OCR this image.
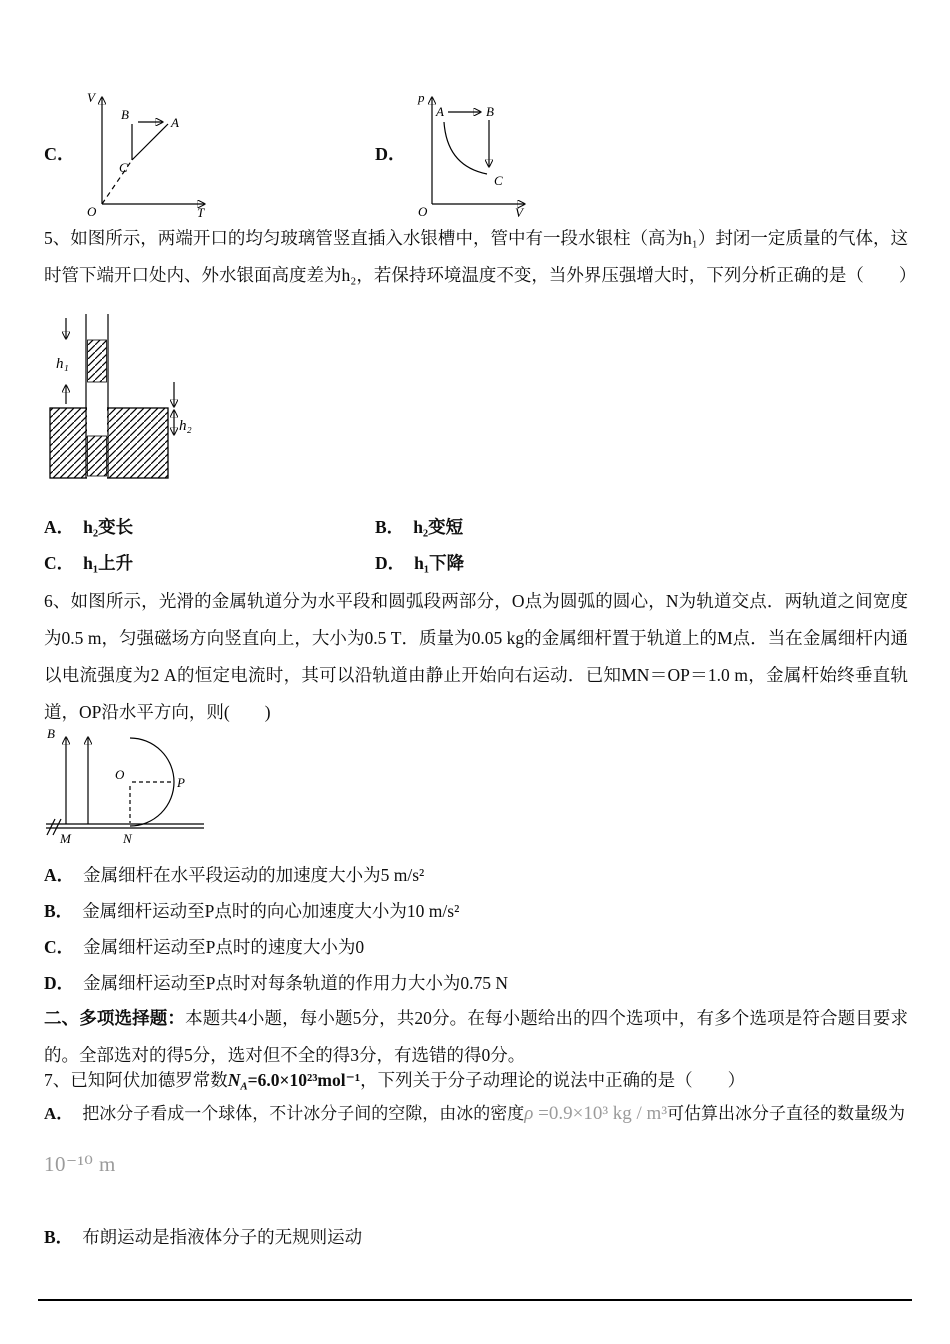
C．
V
T
O
B
A
C
D．
p
V
O
A	B
C

5、如图所示，两端开口的均匀玻璃管竖直插入水银槽中，管中有一段水银柱（高为h₁）封闭一定质量的气体，这时管下端开口处内、外水银面高度差为h₂，若保持环境温度不变，当外界压强增大时，下列分析正确的是（　　）

h₁
h₂
A． h₂变长	B． h₂变短
C． h₁上升	D． h₁下降

6、如图所示，光滑的金属轨道分为水平段和圆弧段两部分，O点为圆弧的圆心，N为轨道交点．两轨道之间宽度为0.5 m，匀强磁场方向竖直向上，大小为0.5 T．质量为0.05 kg的金属细杆置于轨道上的M点．当在金属细杆内通以电流强度为2 A的恒定电流时，其可以沿轨道由静止开始向右运动．已知MN＝OP＝1.0 m，金属杆始终垂直轨道，OP沿水平方向，则(　　)

B
O
P
M	N
A． 金属细杆在水平段运动的加速度大小为5 m/s²
B． 金属细杆运动至P点时的向心加速度大小为10 m/s²
C． 金属细杆运动至P点时的速度大小为0
D． 金属细杆运动至P点时对每条轨道的作用力大小为0.75 N

二、多项选择题：本题共4小题，每小题5分，共20分。在每小题给出的四个选项中，有多个选项是符合题目要求的。全部选对的得5分，选对但不全的得3分，有选错的得0分。

7、已知阿伏加德罗常数$N_A=6.0\times 10^{23}mol^{-1}$，下列关于分子动理论的说法中正确的是（　　）

A． 把冰分子看成一个球体，不计冰分子间的空隙，由冰的密度ρ =0.9×10³ kg / m³可估算出冰分子直径的数量级为

10⁻¹⁰ m

B． 布朗运动是指液体分子的无规则运动
